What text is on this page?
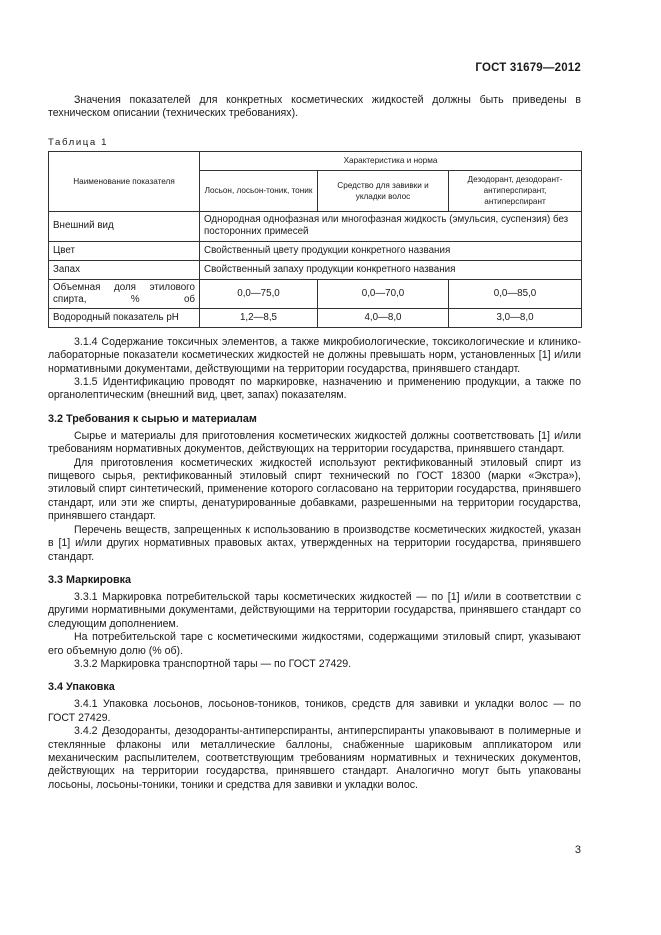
ГОСТ 31679—2012

Значения показателей для конкретных косметических жидкостей должны быть приведены в техническом описании (технических требованиях).

Таблица 1
Наименование показателя	Характеристика и норма		
	Лосьон, лосьон-тоник, тоник	Средство для завивки и укладки волос	Дезодорант, дезодорант-антиперспирант, антиперспирант
Внешний вид	Однородная однофазная или многофазная жидкость (эмульсия, суспензия) без посторонних примесей		
Цвет	Свойственный цвету продукции конкретного названия		
Запах	Свойственный запаху продукции конкретного названия		
Объемная доля этилового спирта, % об	0,0—75,0	0,0—70,0	0,0—85,0
Водородный показатель pH	1,2—8,5	4,0—8,0	3,0—8,0

3.1.4 Содержание токсичных элементов, а также микробиологические, токсикологические и клинико-лабораторные показатели косметических жидкостей не должны превышать норм, установленных [1] и/или нормативными документами, действующими на территории государства, принявшего стандарт.

3.1.5 Идентификацию проводят по маркировке, назначению и применению продукции, а также по органолептическим (внешний вид, цвет, запах) показателям.

3.2 Требования к сырью и материалам

Сырье и материалы для приготовления косметических жидкостей должны соответствовать [1] и/или требованиям нормативных документов, действующих на территории государства, принявшего стандарт.

Для приготовления косметических жидкостей используют ректификованный этиловый спирт из пищевого сырья, ректификованный этиловый спирт технический по ГОСТ 18300 (марки «Экстра»), этиловый спирт синтетический, применение которого согласовано на территории государства, принявшего стандарт, или эти же спирты, денатурированные добавками, разрешенными на территории государства, принявшего стандарт.

Перечень веществ, запрещенных к использованию в производстве косметических жидкостей, указан в [1] и/или других нормативных правовых актах, утвержденных на территории государства, принявшего стандарт.

3.3 Маркировка

3.3.1 Маркировка потребительской тары косметических жидкостей — по [1] и/или в соответствии с другими нормативными документами, действующими на территории государства, принявшего стандарт со следующим дополнением.

На потребительской таре с косметическими жидкостями, содержащими этиловый спирт, указывают его объемную долю (% об).

3.3.2 Маркировка транспортной тары — по ГОСТ 27429.

3.4 Упаковка

3.4.1 Упаковка лосьонов, лосьонов-тоников, тоников, средств для завивки и укладки волос — по ГОСТ 27429.

3.4.2 Дезодоранты, дезодоранты-антиперспиранты, антиперспиранты упаковывают в полимерные и стеклянные флаконы или металлические баллоны, снабженные шариковым аппликатором или механическим распылителем, соответствующим требованиям нормативных и технических документов, действующих на территории государства, принявшего стандарт. Аналогично могут быть упакованы лосьоны, лосьоны-тоники, тоники и средства для завивки и укладки волос.

3
